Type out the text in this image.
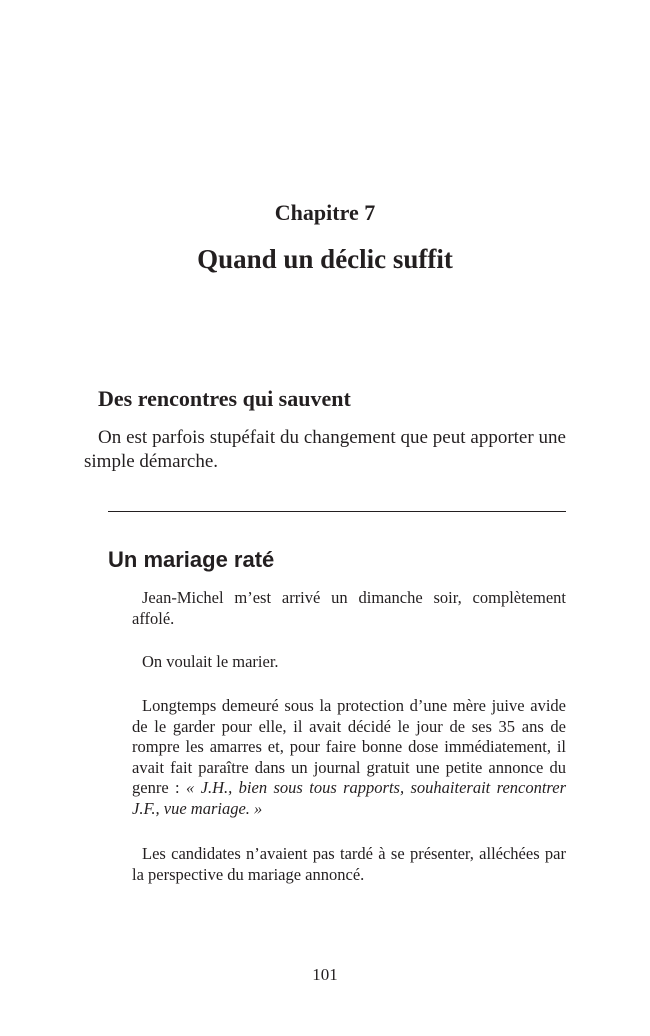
Chapitre 7
Quand un déclic suffit
Des rencontres qui sauvent

On est parfois stupéfait du changement que peut apporter une simple démarche.

Un mariage raté

Jean-Michel m’est arrivé un dimanche soir, complètement affolé.

On voulait le marier.

Longtemps demeuré sous la protection d’une mère juive avide de le garder pour elle, il avait décidé le jour de ses 35 ans de rompre les amarres et, pour faire bonne dose immédiatement, il avait fait paraître dans un journal gratuit une petite annonce du genre : « J.H., bien sous tous rapports, souhaiterait rencontrer J.F., vue mariage. »

Les candidates n’avaient pas tardé à se présenter, alléchées par la perspective du mariage annoncé.

101
